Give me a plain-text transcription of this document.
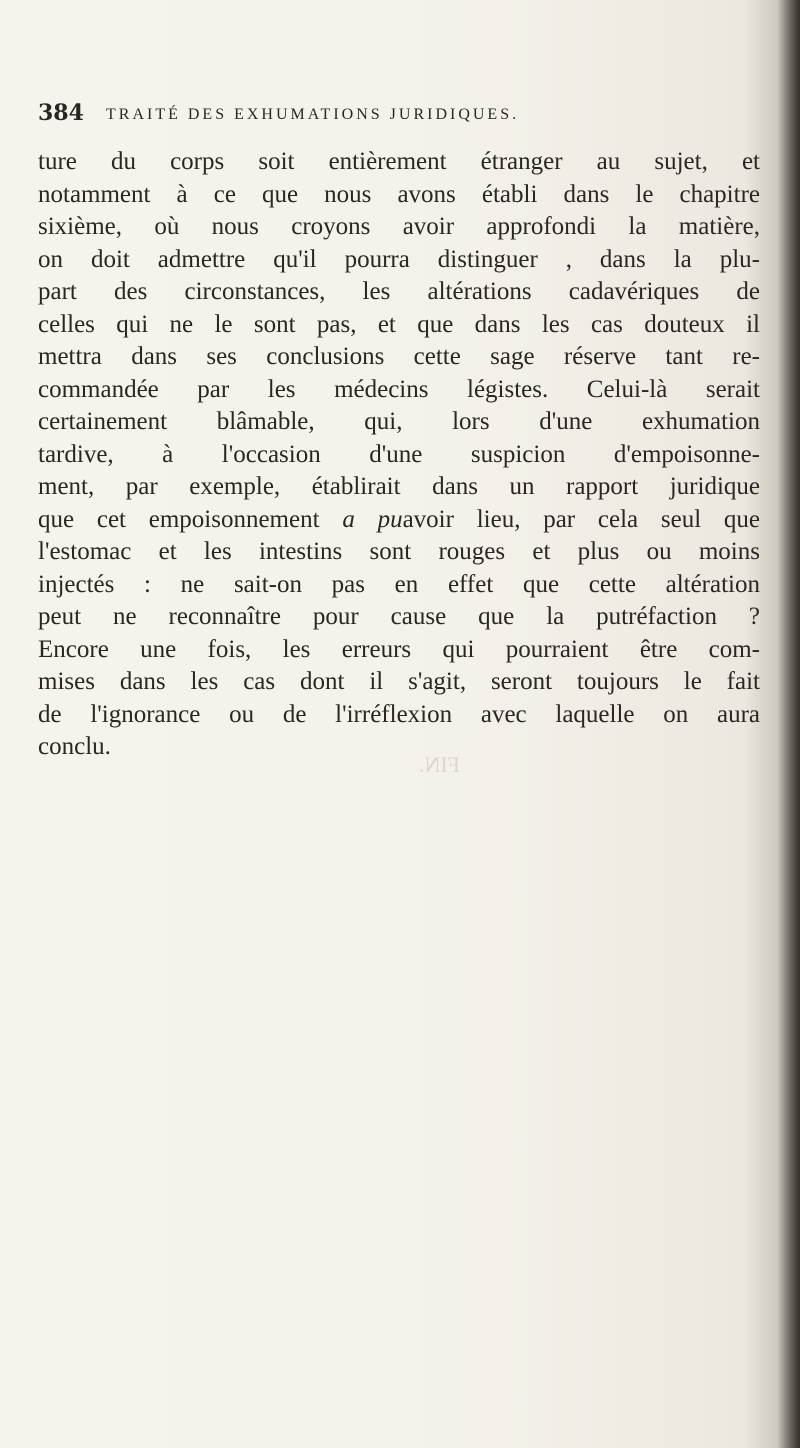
384 TRAITÉ DES EXHUMATIONS JURIDIQUES.
ture du corps soit entièrement étranger au sujet, et
notamment à ce que nous avons établi dans le chapitre
sixième, où nous croyons avoir approfondi la matière,
on doit admettre qu'il pourra distinguer , dans la plu-
part des circonstances, les altérations cadavériques de
celles qui ne le sont pas, et que dans les cas douteux il
mettra dans ses conclusions cette sage réserve tant re-
commandée par les médecins légistes. Celui-là serait
certainement blâmable, qui, lors d'une exhumation
tardive, à l'occasion d'une suspicion d'empoisonne-
ment, par exemple, établirait dans un rapport juridique
que cet empoisonnement a puavoir lieu, par cela seul que
l'estomac et les intestins sont rouges et plus ou moins
injectés : ne sait-on pas en effet que cette altération
peut ne reconnaître pour cause que la putréfaction ?
Encore une fois, les erreurs qui pourraient être com-
mises dans les cas dont il s'agit, seront toujours le fait
de l'ignorance ou de l'irréflexion avec laquelle on aura
conclu.
FIN.
